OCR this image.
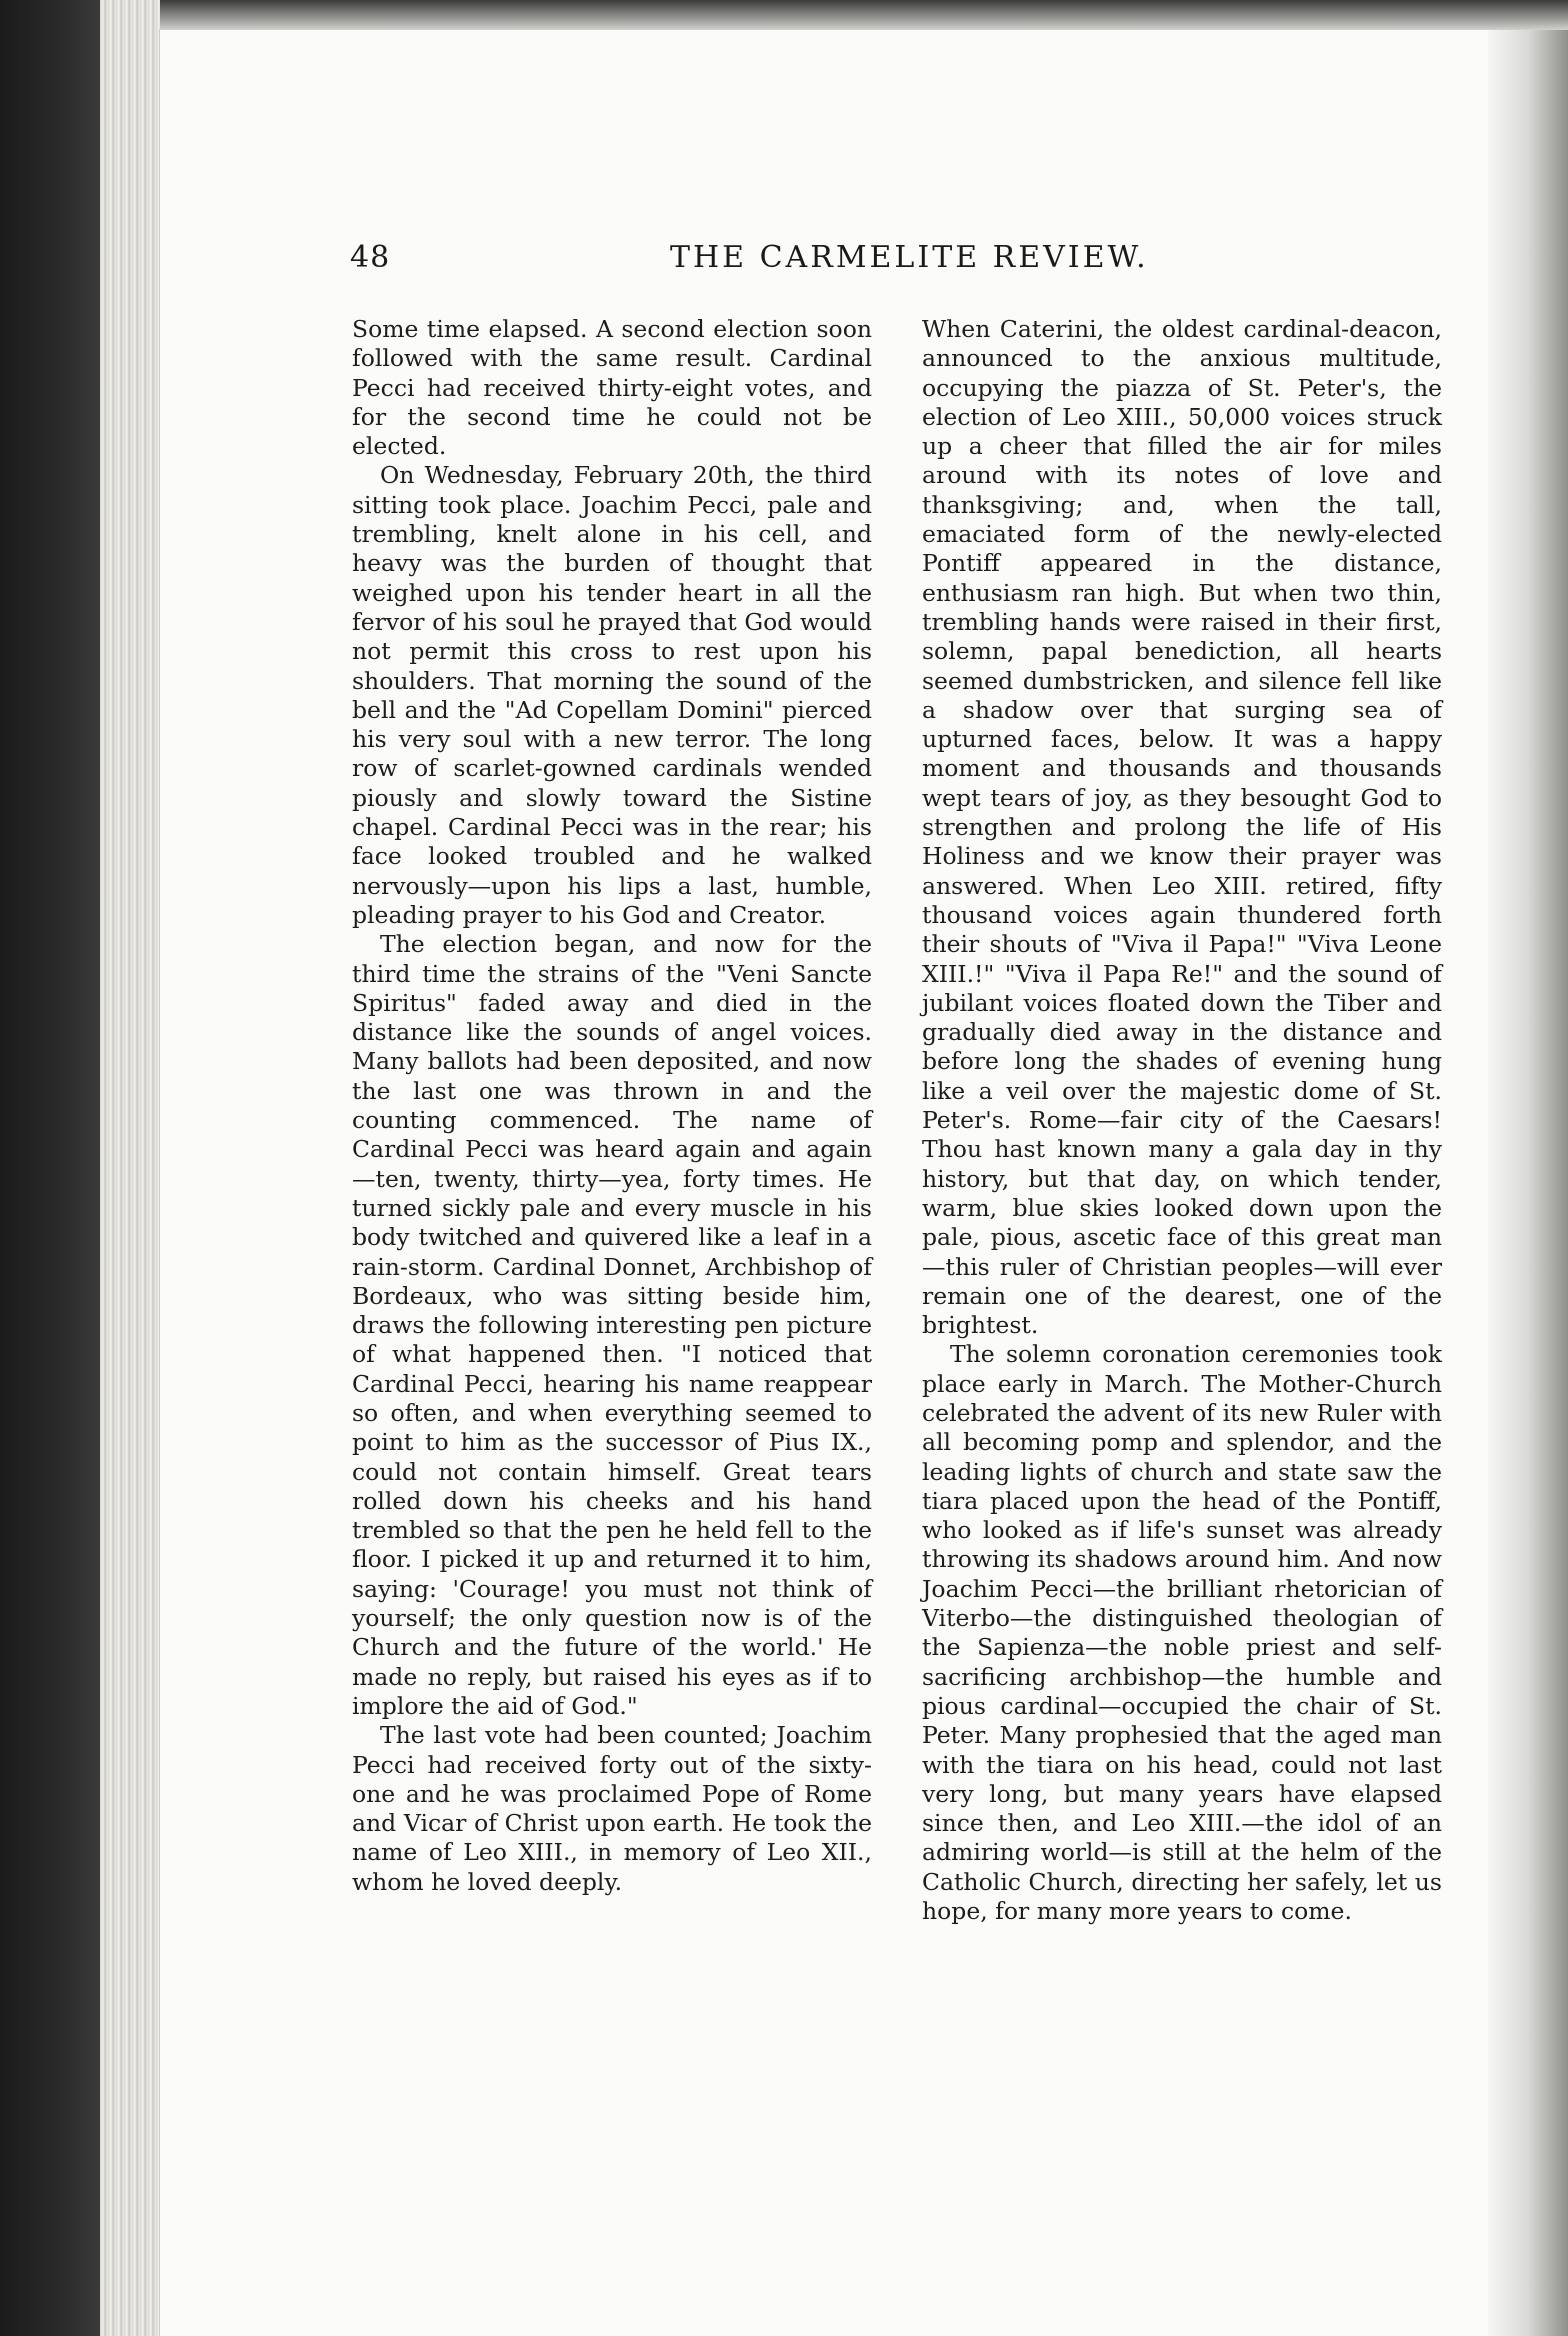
48	THE CARMELITE REVIEW.

Some time elapsed. A second election soon followed with the same result. Cardinal Pecci had received thirty-eight votes, and for the second time he could not be elected.

On Wednesday, February 20th, the third sitting took place. Joachim Pecci, pale and trembling, knelt alone in his cell, and heavy was the burden of thought that weighed upon his tender heart in all the fervor of his soul he prayed that God would not permit this cross to rest upon his shoulders. That morning the sound of the bell and the "Ad Copellam Domini" pierced his very soul with a new terror. The long row of scarlet-gowned cardinals wended piously and slowly toward the Sistine chapel. Cardinal Pecci was in the rear; his face looked troubled and he walked nervously—upon his lips a last, humble, pleading prayer to his God and Creator.

The election began, and now for the third time the strains of the "Veni Sancte Spiritus" faded away and died in the distance like the sounds of angel voices. Many ballots had been deposited, and now the last one was thrown in and the counting commenced. The name of Cardinal Pecci was heard again and again—ten, twenty, thirty—yea, forty times. He turned sickly pale and every muscle in his body twitched and quivered like a leaf in a rain-storm. Cardinal Donnet, Archbishop of Bordeaux, who was sitting beside him, draws the following interesting pen picture of what happened then. "I noticed that Cardinal Pecci, hearing his name reappear so often, and when everything seemed to point to him as the successor of Pius IX., could not contain himself. Great tears rolled down his cheeks and his hand trembled so that the pen he held fell to the floor. I picked it up and returned it to him, saying: 'Courage! you must not think of yourself; the only question now is of the Church and the future of the world.' He made no reply, but raised his eyes as if to implore the aid of God."

The last vote had been counted; Joachim Pecci had received forty out of the sixty-one and he was proclaimed Pope of Rome and Vicar of Christ upon earth. He took the name of Leo XIII., in memory of Leo XII., whom he loved deeply.

When Caterini, the oldest cardinal-deacon, announced to the anxious multitude, occupying the piazza of St. Peter's, the election of Leo XIII., 50,000 voices struck up a cheer that filled the air for miles around with its notes of love and thanksgiving; and, when the tall, emaciated form of the newly-elected Pontiff appeared in the distance, enthusiasm ran high. But when two thin, trembling hands were raised in their first, solemn, papal benediction, all hearts seemed dumbstricken, and silence fell like a shadow over that surging sea of upturned faces, below. It was a happy moment and thousands and thousands wept tears of joy, as they besought God to strengthen and prolong the life of His Holiness and we know their prayer was answered. When Leo XIII. retired, fifty thousand voices again thundered forth their shouts of "Viva il Papa!" "Viva Leone XIII.!" "Viva il Papa Re!" and the sound of jubilant voices floated down the Tiber and gradually died away in the distance and before long the shades of evening hung like a veil over the majestic dome of St. Peter's. Rome—fair city of the Caesars! Thou hast known many a gala day in thy history, but that day, on which tender, warm, blue skies looked down upon the pale, pious, ascetic face of this great man—this ruler of Christian peoples—will ever remain one of the dearest, one of the brightest.

The solemn coronation ceremonies took place early in March. The Mother-Church celebrated the advent of its new Ruler with all becoming pomp and splendor, and the leading lights of church and state saw the tiara placed upon the head of the Pontiff, who looked as if life's sunset was already throwing its shadows around him. And now Joachim Pecci—the brilliant rhetorician of Viterbo—the distinguished theologian of the Sapienza—the noble priest and self-sacrificing archbishop—the humble and pious cardinal—occupied the chair of St. Peter. Many prophesied that the aged man with the tiara on his head, could not last very long, but many years have elapsed since then, and Leo XIII.—the idol of an admiring world—is still at the helm of the Catholic Church, directing her safely, let us hope, for many more years to come.
